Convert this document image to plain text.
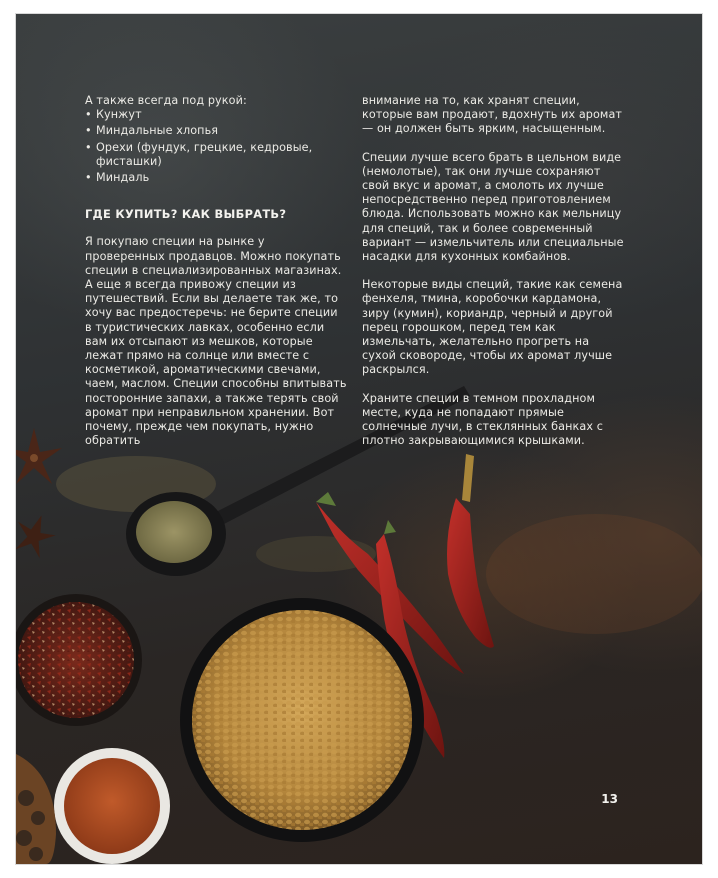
А также всегда под рукой:
• Кунжут
• Миндальные хлопья
• Орехи (фундук, грецкие, кедровые, фисташки)
• Миндаль
ГДЕ КУПИТЬ? КАК ВЫБРАТЬ?

Я покупаю специи на рынке у проверенных продавцов. Можно покупать специи в специализированных магазинах. А еще я всегда привожу специи из путешествий. Если вы делаете так же, то хочу вас предостеречь: не берите специи в туристических лавках, особенно если вам их отсыпают из мешков, которые лежат прямо на солнце или вместе с косметикой, ароматическими свечами, чаем, маслом. Специи способны впитывать посторонние запахи, а также терять свой аромат при неправильном хранении. Вот почему, прежде чем покупать, нужно обратить

внимание на то, как хранят специи, которые вам продают, вдохнуть их аромат — он должен быть ярким, насыщенным.

Специи лучше всего брать в цельном виде (немолотые), так они лучше сохраняют свой вкус и аромат, а смолоть их лучше непосредственно перед приготовлением блюда. Использовать можно как мельницу для специй, так и более современный вариант — измельчитель или специальные насадки для кухонных комбайнов.

Некоторые виды специй, такие как семена фенхеля, тмина, коробочки кардамона, зиру (кумин), кориандр, черный и другой перец горошком, перед тем как измельчать, желательно прогреть на сухой сковороде, чтобы их аромат лучше раскрылся.

Храните специи в темном прохладном месте, куда не попадают прямые солнечные лучи, в стеклянных банках с плотно закрывающимися крышками.

13
